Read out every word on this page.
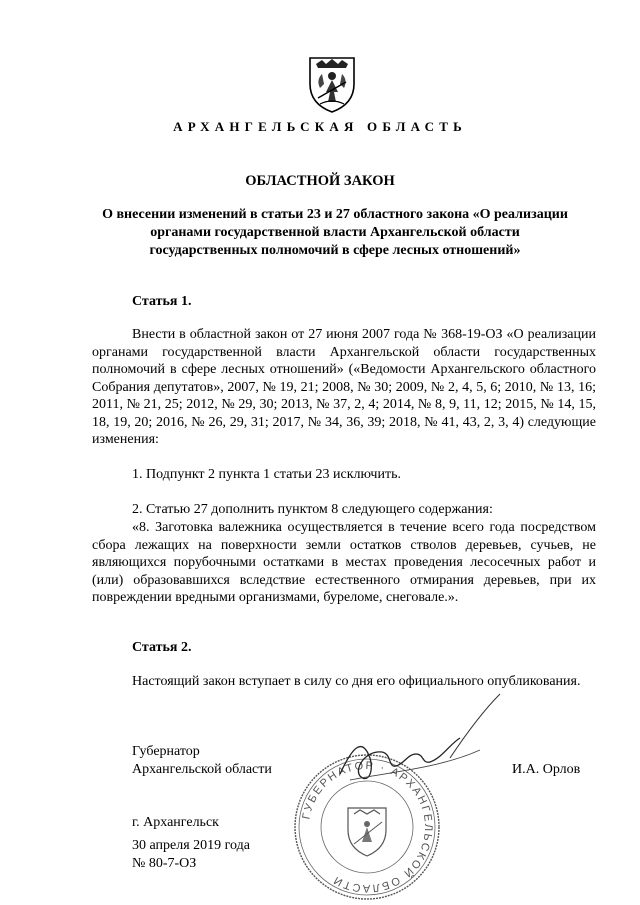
АРХАНГЕЛЬСКАЯ ОБЛАСТЬ
ОБЛАСТНОЙ ЗАКОН
О внесении изменений в статьи 23 и 27 областного закона «О реализации органами государственной власти Архангельской области государственных полномочий в сфере лесных отношений»
Статья 1.

Внести в областной закон от 27 июня 2007 года № 368-19-ОЗ «О реализации органами государственной власти Архангельской области государственных полномочий в сфере лесных отношений» («Ведомости Архангельского областного Собрания депутатов», 2007, № 19, 21; 2008, № 30; 2009, № 2, 4, 5, 6; 2010, № 13, 16; 2011, № 21, 25; 2012, № 29, 30; 2013, № 37, 2, 4; 2014, № 8, 9, 11, 12; 2015, № 14, 15, 18, 19, 20; 2016, № 26, 29, 31; 2017, № 34, 36, 39; 2018, № 41, 43, 2, 3, 4) следующие изменения:

1. Подпункт 2 пункта 1 статьи 23 исключить.

2. Статью 27 дополнить пунктом 8 следующего содержания:

«8. Заготовка валежника осуществляется в течение всего года посредством сбора лежащих на поверхности земли остатков стволов деревьев, сучьев, не являющихся порубочными остатками в местах проведения лесосечных работ и (или) образовавшихся вследствие естественного отмирания деревьев, при их повреждении вредными организмами, буреломе, снеговале.».

Статья 2.

Настоящий закон вступает в силу со дня его официального опубликования.

Губернатор
Архангельской области	И.А. Орлов
ГУБЕРНАТОР · АРХАНГЕЛЬСКОЙ ОБЛАСТИ
г. Архангельск
30 апреля 2019 года
№ 80-7-ОЗ
